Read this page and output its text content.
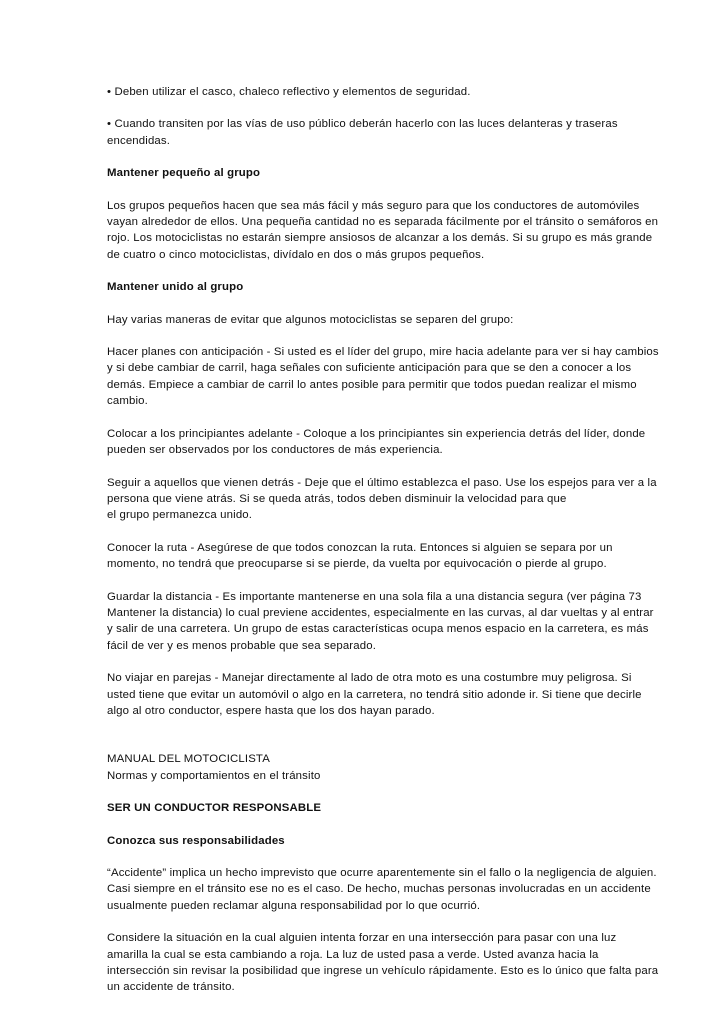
• Deben utilizar el casco, chaleco reflectivo y elementos de seguridad.

• Cuando transiten por las vías de uso público deberán hacerlo con las luces delanteras y traseras encendidas.

Mantener pequeño al grupo

Los grupos pequeños hacen que sea más fácil y más seguro para que los conductores de automóviles vayan alrededor de ellos. Una pequeña cantidad no es separada fácilmente por el tránsito o semáforos en rojo. Los motociclistas no estarán siempre ansiosos de alcanzar a los demás. Si su grupo es más grande de cuatro o cinco motociclistas, divídalo en dos o más grupos pequeños.

Mantener unido al grupo

Hay varias maneras de evitar que algunos motociclistas se separen del grupo:

Hacer planes con anticipación - Si usted es el líder del grupo, mire hacia adelante para ver si hay cambios y si debe cambiar de carril, haga señales con suficiente anticipación para que se den a conocer a los demás. Empiece a cambiar de carril lo antes posible para permitir que todos puedan realizar el mismo cambio.

Colocar a los principiantes adelante - Coloque a los principiantes sin experiencia detrás del líder, donde pueden ser observados por los conductores de más experiencia.

Seguir a aquellos que vienen detrás - Deje que el último establezca el paso. Use los espejos para ver a la persona que viene atrás. Si se queda atrás, todos deben disminuir la velocidad para que
el grupo permanezca unido.

Conocer la ruta - Asegúrese de que todos conozcan la ruta. Entonces si alguien se separa por un momento, no tendrá que preocuparse si se pierde, da vuelta por equivocación o pierde al grupo.

Guardar la distancia - Es importante mantenerse en una sola fila a una distancia segura (ver página 73 Mantener la distancia) lo cual previene accidentes, especialmente en las curvas, al dar vueltas y al entrar y salir de una carretera. Un grupo de estas características ocupa menos espacio en la carretera, es más fácil de ver y es menos probable que sea separado.

No viajar en parejas - Manejar directamente al lado de otra moto es una costumbre muy peligrosa. Si usted tiene que evitar un automóvil o algo en la carretera, no tendrá sitio adonde ir. Si tiene que decirle algo al otro conductor, espere hasta que los dos hayan parado.

MANUAL DEL MOTOCICLISTA

Normas y comportamientos en el tránsito

SER UN CONDUCTOR RESPONSABLE

Conozca sus responsabilidades

“Accidente” implica un hecho imprevisto que ocurre aparentemente sin el fallo o la negligencia de alguien. Casi siempre en el tránsito ese no es el caso. De hecho, muchas personas involucradas en un accidente usualmente pueden reclamar alguna responsabilidad por lo que ocurrió.

Considere la situación en la cual alguien intenta forzar en una intersección para pasar con una luz amarilla la cual se esta cambiando a roja. La luz de usted pasa a verde. Usted avanza hacia la intersección sin revisar la posibilidad que ingrese un vehículo rápidamente. Esto es lo único que falta para un accidente de tránsito.
